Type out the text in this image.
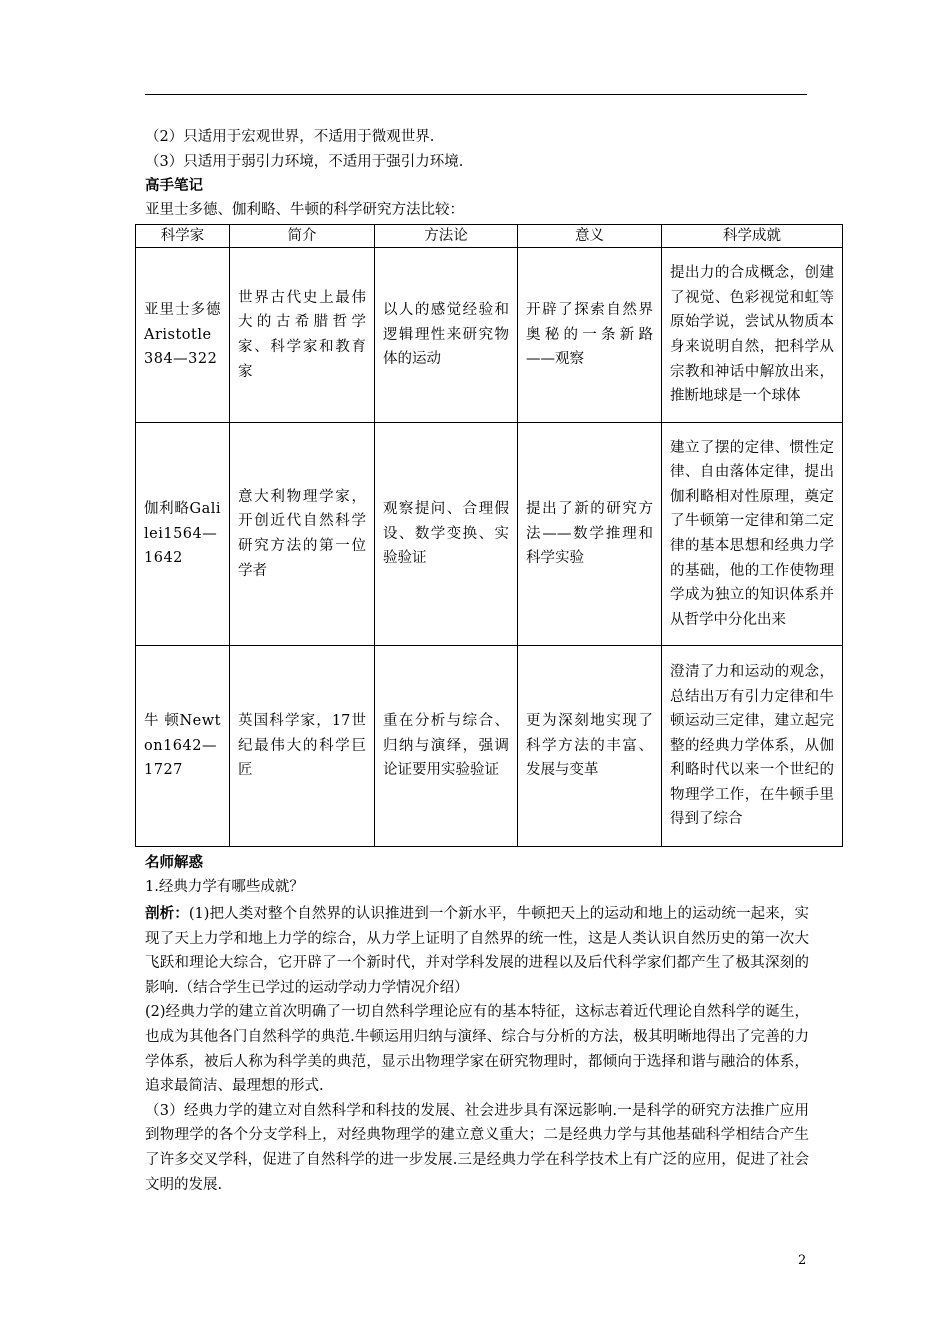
（2）只适用于宏观世界，不适用于微观世界.
（3）只适用于弱引力环境，不适用于强引力环境.
高手笔记
亚里士多德、伽利略、牛顿的科学研究方法比较：
科学家	简介	方法论	意义	科学成就
亚里士多德Aristotle384—322	世界古代史上最伟大的古希腊哲学家、科学家和教育家	以人的感觉经验和逻辑理性来研究物体的运动	开辟了探索自然界奥秘的一条新路——观察	提出力的合成概念，创建了视觉、色彩视觉和虹等原始学说，尝试从物质本身来说明自然，把科学从宗教和神话中解放出来，推断地球是一个球体
伽利略Galilei1564—1642	意大利物理学家，开创近代自然科学研究方法的第一位学者	观察提问、合理假设、数学变换、实验验证	提出了新的研究方法——数学推理和科学实验	建立了摆的定律、惯性定律、自由落体定律，提出伽利略相对性原理，奠定了牛顿第一定律和第二定律的基本思想和经典力学的基础，他的工作使物理学成为独立的知识体系并从哲学中分化出来
牛 顿Newton1642—1727	英国科学家，17世纪最伟大的科学巨匠	重在分析与综合、归纳与演绎，强调论证要用实验验证	更为深刻地实现了科学方法的丰富、发展与变革	澄清了力和运动的观念，总结出万有引力定律和牛顿运动三定律，建立起完整的经典力学体系，从伽利略时代以来一个世纪的物理学工作，在牛顿手里得到了综合
名师解惑
1.经典力学有哪些成就？

剖析：(1)把人类对整个自然界的认识推进到一个新水平，牛顿把天上的运动和地上的运动统一起来，实现了天上力学和地上力学的综合，从力学上证明了自然界的统一性，这是人类认识自然历史的第一次大飞跃和理论大综合，它开辟了一个新时代，并对学科发展的进程以及后代科学家们都产生了极其深刻的影响.（结合学生已学过的运动学动力学情况介绍）

(2)经典力学的建立首次明确了一切自然科学理论应有的基本特征，这标志着近代理论自然科学的诞生，也成为其他各门自然科学的典范.牛顿运用归纳与演绎、综合与分析的方法，极其明晰地得出了完善的力学体系，被后人称为科学美的典范，显示出物理学家在研究物理时，都倾向于选择和谐与融洽的体系，追求最简洁、最理想的形式.

（3）经典力学的建立对自然科学和科技的发展、社会进步具有深远影响.一是科学的研究方法推广应用到物理学的各个分支学科上，对经典物理学的建立意义重大；二是经典力学与其他基础科学相结合产生了许多交叉学科，促进了自然科学的进一步发展.三是经典力学在科学技术上有广泛的应用，促进了社会文明的发展.

2
